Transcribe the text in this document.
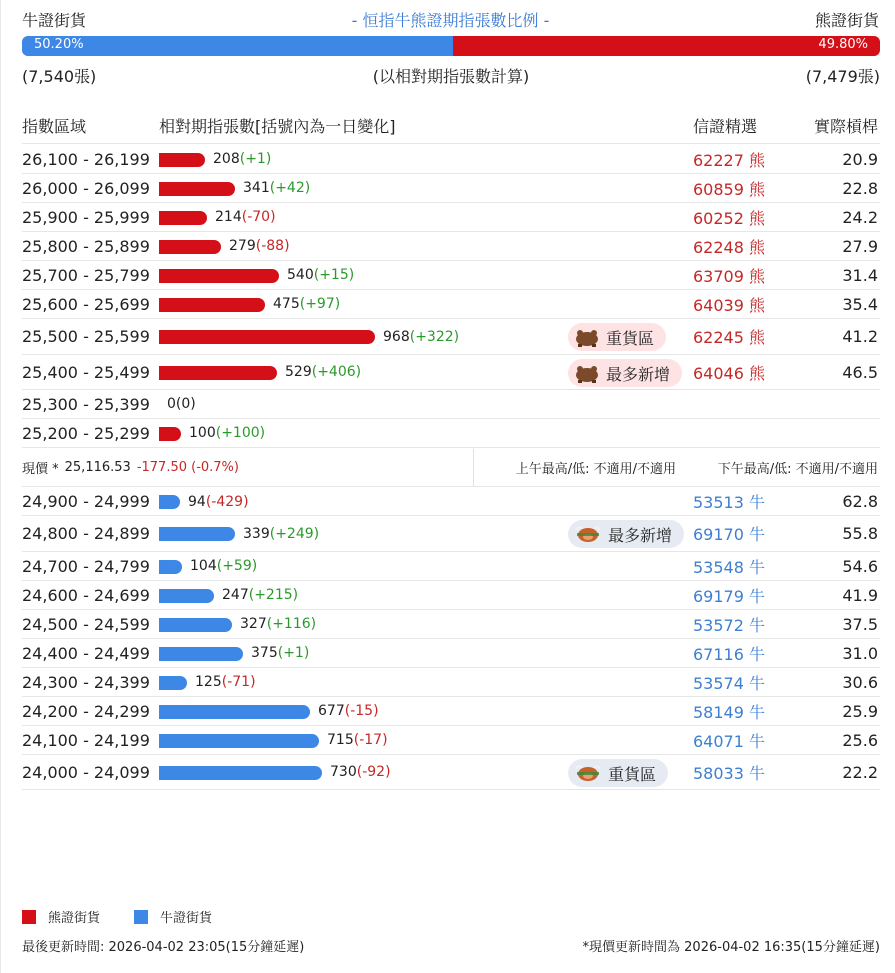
牛證街貨	- 恒指牛熊證期指張數比例 -	熊證街貨
50.20%	49.80%
(7,540張)	(以相對期指張數計算)	(7,479張)
指數區域	相對期指張數[括號內為一日變化]	信證精選	實際槓桿
26,100 - 26,199	208 (+1)	62227 熊	20.9
26,000 - 26,099	341 (+42)	60859 熊	22.8
25,900 - 25,999	214 (-70)	60252 熊	24.2
25,800 - 25,899	279 (-88)	62248 熊	27.9
25,700 - 25,799	540 (+15)	63709 熊	31.4
25,600 - 25,699	475 (+97)	64039 熊	35.4
25,500 - 25,599	968 (+322)	重貨區 62245 熊	41.2
25,400 - 25,499	529 (+406)	最多新增 64046 熊	46.5
25,300 - 25,399 0 (0)
25,200 - 25,299	100 (+100)
現價 * 25,116.53 -177.50 (-0.7%)	上午最高/低: 不適用/不適用	下午最高/低: 不適用/不適用
24,900 - 24,999	94 (-429)	53513 牛	62.8
24,800 - 24,899	339 (+249)	最多新增 69170 牛	55.8
24,700 - 24,799	104 (+59)	53548 牛	54.6
24,600 - 24,699	247 (+215)	69179 牛	41.9
24,500 - 24,599	327 (+116)	53572 牛	37.5
24,400 - 24,499	375 (+1)	67116 牛	31.0
24,300 - 24,399	125 (-71)	53574 牛	30.6
24,200 - 24,299	677 (-15)	58149 牛	25.9
24,100 - 24,199	715 (-17)	64071 牛	25.6
24,000 - 24,099	730 (-92)	重貨區 58033 牛	22.2
熊證街貨	牛證街貨
最後更新時間: 2026-04-02 23:05(15分鐘延遲)	*現價更新時間為 2026-04-02 16:35(15分鐘延遲)
